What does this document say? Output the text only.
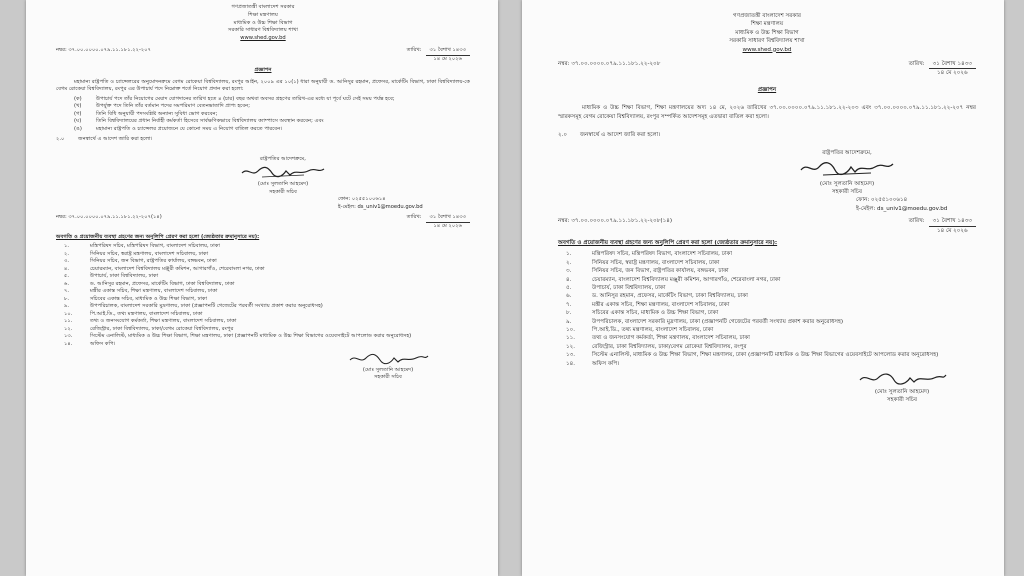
গণপ্রজাতন্ত্রী বাংলাদেশ সরকার
শিক্ষা মন্ত্রণালয়
মাধ্যমিক ও উচ্চ শিক্ষা বিভাগ
সরকারি সাধারণ বিশ্ববিদ্যালয় শাখা
www.shed.gov.bd
নম্বর: ৩৭.০০.০০০০.০৭৯.১১.১৮১.২২-২০৭	তারিখ:	৩১ বৈশাখ ১৪৩৩
১৪ মে ২০২৬
প্রজ্ঞাপন
মহামান্য রাষ্ট্রপতি ও চ্যান্সেলরের অনুমোদনক্রমে বেগম রোকেয়া বিশ্ববিদ্যালয়, রংপুর আইন, ২০০৯ এর ১০(১) ধারা অনুযায়ী ড. আনিসুর রহমান, প্রফেসর, মার্কেটিং বিভাগ, ঢাকা বিশ্ববিদ্যালয়-কে বেগম রোকেয়া বিশ্ববিদ্যালয়, রংপুর এর উপাচার্য পদে নিম্নোক্ত শর্তে নিয়োগ প্রদান করা হলো:
(ক)	উপাচার্য পদে তাঁর নিয়োগের মেয়াদ যোগদানের তারিখ হতে ৪ (চার) বছর অথবা অবসর গ্রহণের তারিখ-এর মধ্যে যা পূর্বে ঘটে সেই সময় পর্যন্ত হবে;
(খ)	উপর্যুক্ত পদে তিনি তাঁর বর্তমান পদের সমপরিমাণ বেতনভাতাদি প্রাপ্য হবেন;
(গ)	তিনি বিধি অনুযায়ী পদসংশ্লিষ্ট অন্যান্য সুবিধা ভোগ করবেন;
(ঘ)	তিনি বিশ্ববিদ্যালয়ের প্রধান নির্বাহী কর্মকর্তা হিসেবে সার্বক্ষণিকভাবে বিশ্ববিদ্যালয় ক্যাম্পাসে অবস্থান করবেন; এবং
(ঙ)	মহামান্য রাষ্ট্রপতি ও চ্যান্সেলর প্রয়োজনে যে কোনো সময় এ নিয়োগ বাতিল করতে পারবেন।
২.০	জনস্বার্থে এ আদেশ জারি করা হলো।
রাষ্ট্রপতির আদেশক্রমে,
(মোঃ সুলতানি আহমেদ)
সহকারী সচিব
ফোন: ০২৫৫১০০৬১৪
ই-মেইল: ds_univ1@moedu.gov.bd
নম্বর: ৩৭.০০.০০০০.০৭৯.১১.১৮১.২২-২০৭(১৪)	তারিখ:	৩১ বৈশাখ ১৪৩৩
১৪ মে ২০২৬
অবগতি ও প্রয়োজনীয় ব্যবস্থা গ্রহণের জন্য অনুলিপি প্রেরণ করা হলো (জ্যেষ্ঠতার ক্রমানুসারে নয়):
১.	মন্ত্রিপরিষদ সচিব, মন্ত্রিপরিষদ বিভাগ, বাংলাদেশ সচিবালয়, ঢাকা
২.	সিনিয়র সচিব, স্বরাষ্ট্র মন্ত্রণালয়, বাংলাদেশ সচিবালয়, ঢাকা
৩.	সিনিয়র সচিব, জন বিভাগ, রাষ্ট্রপতির কার্যালয়, বঙ্গভবন, ঢাকা
৪.	চেয়ারম্যান, বাংলাদেশ বিশ্ববিদ্যালয় মঞ্জুরী কমিশন, আগারগাঁও, শেরেবাংলা নগর, ঢাকা
৫.	উপাচার্য, ঢাকা বিশ্ববিদ্যালয়, ঢাকা
৬.	ড. আনিসুর রহমান, প্রফেসর, মার্কেটিং বিভাগ, ঢাকা বিশ্ববিদ্যালয়, ঢাকা
৭.	মন্ত্রীর একান্ত সচিব, শিক্ষা মন্ত্রণালয়, বাংলাদেশ সচিবালয়, ঢাকা
৮.	সচিবের একান্ত সচিব, মাধ্যমিক ও উচ্চ শিক্ষা বিভাগ, ঢাকা
৯.	উপপরিচালক, বাংলাদেশ সরকারি মুদ্রণালয়, ঢাকা (প্রজ্ঞাপনটি গেজেটের পরবর্তী সংখ্যায় প্রকাশ করার অনুরোধসহ)
১০.	পি.আই.ডি., তথ্য মন্ত্রণালয়, বাংলাদেশ সচিবালয়, ঢাকা
১১.	তথ্য ও জনসংযোগ কর্মকর্তা, শিক্ষা মন্ত্রণালয়, বাংলাদেশ সচিবালয়, ঢাকা
১২.	রেজিস্ট্রার, ঢাকা বিশ্ববিদ্যালয়, ঢাকা/বেগম রোকেয়া বিশ্ববিদ্যালয়, রংপুর
১৩.	সিস্টেম এনালিস্ট, মাধ্যমিক ও উচ্চ শিক্ষা বিভাগ, শিক্ষা মন্ত্রণালয়, ঢাকা (প্রজ্ঞাপনটি মাধ্যমিক ও উচ্চ শিক্ষা বিভাগের ওয়েবসাইটে আপলোড করার অনুরোধসহ)
১৪.	অফিস কপি।
(মোঃ সুলতানি আহমেদ)
সহকারী সচিব
গণপ্রজাতন্ত্রী বাংলাদেশ সরকার
শিক্ষা মন্ত্রণালয়
মাধ্যমিক ও উচ্চ শিক্ষা বিভাগ
সরকারি সাধারণ বিশ্ববিদ্যালয় শাখা
www.shed.gov.bd
নম্বর: ৩৭.০০.০০০০.০৭৯.১১.১৮১.২২-২০৮	তারিখ:	৩১ বৈশাখ ১৪৩৩
১৪ মে ২০২৬
প্রজ্ঞাপন
মাধ্যমিক ও উচ্চ শিক্ষা বিভাগ, শিক্ষা মন্ত্রণালয়ের অদ্য ১৪ মে, ২০২৬ তারিখের ৩৭.০০.০০০০.০৭৯.১১.১৮১.২২-২০৩ এবং ৩৭.০০.০০০০.০৭৯.১১.১৮১.২২-২০৭ নম্বর স্মারকসমূহ বেগম রোকেয়া বিশ্ববিদ্যালয়, রংপুর সম্পর্কিত আদেশসমূহ এতদ্বারা বাতিল করা হলো।
২.০	জনস্বার্থে এ আদেশ জারি করা হলো।
রাষ্ট্রপতির আদেশক্রমে,
(মোঃ সুলতানি আহমেদ)
সহকারী সচিব
ফোন: ০২৫৫১০০৬১৪
ই-মেইল: ds_univ1@moedu.gov.bd
নম্বর: ৩৭.০০.০০০০.০৭৯.১১.১৮১.২২-২০৮(১৪)	তারিখ:	৩১ বৈশাখ ১৪৩৩
১৪ মে ২০২৬
অবগতি ও প্রয়োজনীয় ব্যবস্থা গ্রহণের জন্য অনুলিপি প্রেরণ করা হলো (জ্যেষ্ঠতার ক্রমানুসারে নয়):
১.	মন্ত্রিপরিষদ সচিব, মন্ত্রিপরিষদ বিভাগ, বাংলাদেশ সচিবালয়, ঢাকা
২.	সিনিয়র সচিব, স্বরাষ্ট্র মন্ত্রণালয়, বাংলাদেশ সচিবালয়, ঢাকা
৩.	সিনিয়র সচিব, জন বিভাগ, রাষ্ট্রপতির কার্যালয়, বঙ্গভবন, ঢাকা
৪.	চেয়ারম্যান, বাংলাদেশ বিশ্ববিদ্যালয় মঞ্জুরী কমিশন, আগারগাঁও, শেরেবাংলা নগর, ঢাকা
৫.	উপাচার্য, ঢাকা বিশ্ববিদ্যালয়, ঢাকা
৬.	ড. আনিসুর রহমান, প্রফেসর, মার্কেটিং বিভাগ, ঢাকা বিশ্ববিদ্যালয়, ঢাকা
৭.	মন্ত্রীর একান্ত সচিব, শিক্ষা মন্ত্রণালয়, বাংলাদেশ সচিবালয়, ঢাকা
৮.	সচিবের একান্ত সচিব, মাধ্যমিক ও উচ্চ শিক্ষা বিভাগ, ঢাকা
৯.	উপপরিচালক, বাংলাদেশ সরকারি মুদ্রণালয়, ঢাকা (প্রজ্ঞাপনটি গেজেটের পরবর্তী সংখ্যায় প্রকাশ করার অনুরোধসহ)
১০.	পি.আই.ডি., তথ্য মন্ত্রণালয়, বাংলাদেশ সচিবালয়, ঢাকা
১১.	তথ্য ও জনসংযোগ কর্মকর্তা, শিক্ষা মন্ত্রণালয়, বাংলাদেশ সচিবালয়, ঢাকা
১২.	রেজিস্ট্রার, ঢাকা বিশ্ববিদ্যালয়, ঢাকা/বেগম রোকেয়া বিশ্ববিদ্যালয়, রংপুর
১৩.	সিস্টেম এনালিস্ট, মাধ্যমিক ও উচ্চ শিক্ষা বিভাগ, শিক্ষা মন্ত্রণালয়, ঢাকা (প্রজ্ঞাপনটি মাধ্যমিক ও উচ্চ শিক্ষা বিভাগের ওয়েবসাইটে আপলোড করার অনুরোধসহ)
১৪.	অফিস কপি।
(মোঃ সুলতানি আহমেদ)
সহকারী সচিব
